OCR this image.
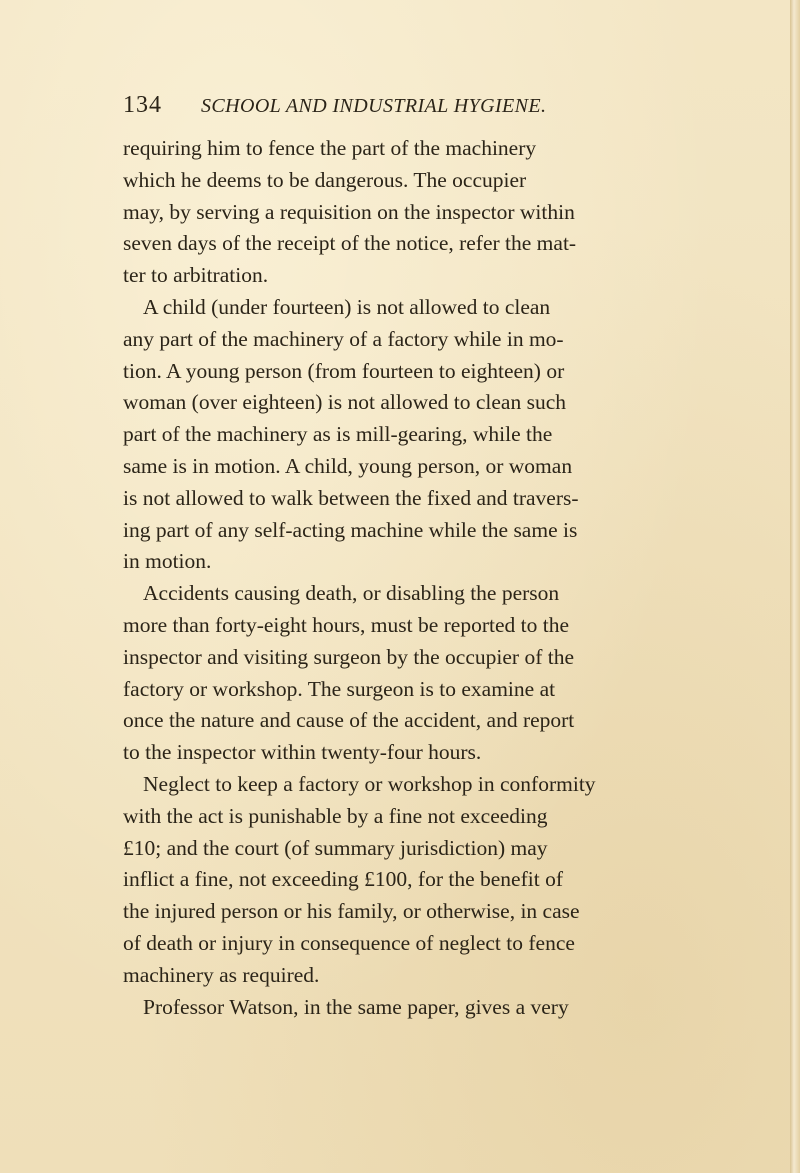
134 SCHOOL AND INDUSTRIAL HYGIENE.
requiring him to fence the part of the machinery
which he deems to be dangerous. The occupier
may, by serving a requisition on the inspector within
seven days of the receipt of the notice, refer the mat-
ter to arbitration.
A child (under fourteen) is not allowed to clean
any part of the machinery of a factory while in mo-
tion. A young person (from fourteen to eighteen) or
woman (over eighteen) is not allowed to clean such
part of the machinery as is mill-gearing, while the
same is in motion. A child, young person, or woman
is not allowed to walk between the fixed and travers-
ing part of any self-acting machine while the same is
in motion.
Accidents causing death, or disabling the person
more than forty-eight hours, must be reported to the
inspector and visiting surgeon by the occupier of the
factory or workshop. The surgeon is to examine at
once the nature and cause of the accident, and report
to the inspector within twenty-four hours.
Neglect to keep a factory or workshop in conformity
with the act is punishable by a fine not exceeding
£10; and the court (of summary jurisdiction) may
inflict a fine, not exceeding £100, for the benefit of
the injured person or his family, or otherwise, in case
of death or injury in consequence of neglect to fence
machinery as required.
Professor Watson, in the same paper, gives a very
